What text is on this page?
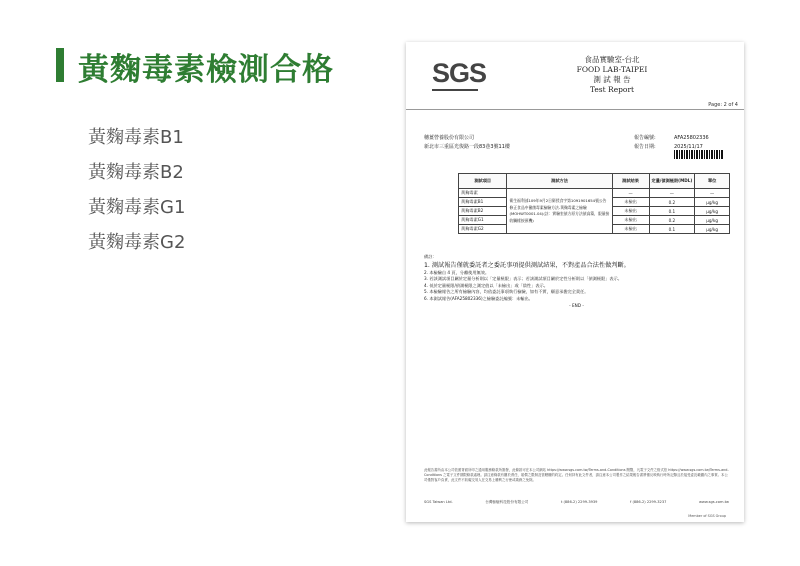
黃麴毒素檢測合格
黃麴毒素B1
黃麴毒素B2
黃麴毒素G1
黃麴毒素G2
SGS	食品實驗室-台北
FOOD LAB-TAIPEI
測 試 報 告
Test Report
Page: 2 of 4
穗薑營養股份有限公司
新北市三重區光復路一段83巷3號11樓
報告編號:	AFA25802336
報告日期:	2025/11/17
測試項目	測試方法	測試結果	定量/偵測極限(MDL)	單位
黃麴毒素	衛生福利部109年9月2日衛授食字第1091901654號公告修正食品中黴菌毒素檢驗方法-黃麴毒素之檢驗(MOHWT0001.04)(註：實驗室偵方原方法偵高篇，限量接收觸樣接頸機)	—	—	—
黃麴毒素B1		未檢出	0.2	μg/kg
黃麴毒素B2		未檢出	0.1	μg/kg
黃麴毒素G1		未檢出	0.2	μg/kg
黃麴毒素G2		未檢出	0.1	μg/kg
備註：
1. 測試報告僅就委託者之委託事項提供測試結果，不對產品合法性做判斷。
2. 本檢驗自 4 頁，分離使用無效。
3. 若該測試項目屬於定量分析則以「定量極限」表示；若該測試項目屬於定性分析則以「偵測極限」表示。
4. 低於定量極限/偵測極限之測定值以「未檢出」或「陰性」表示。
5. 本檢驗報告之所有檢驗內容，均依委託事項執行檢驗，如有不實，願意承擔完全責任。
6. 本測試報告(AFA25802336)之檢驗委託編號：未輸出。
- END -
此報告書所由本公司依照背面所印之通用服務條款所簽發，此條款可在本公司網站 https://www.sgs.com.tw/Terms-and-Conditions 閱覽，凡電子文件之格式依 https://www.sgs.com.tw/Terms-and-Conditions 之電子文件期限條款處理。請注意條款有關於責任、賠償之限制及管轄權的約定。任何持有此文件者，請注意本公司製作之結果報告書將僅反映執行時所記錄且於接受委託範圍內之事實。本公司僅對客戶負責，此文件不妨礙交易人在交易上權利之行使或義務之免除。
SGS Taiwan Ltd.	台灣檢驗科技股份有限公司	t (886-2) 2299-3939	f (886-2) 2299-3237	www.sgs.com.tw
Member of SGS Group
